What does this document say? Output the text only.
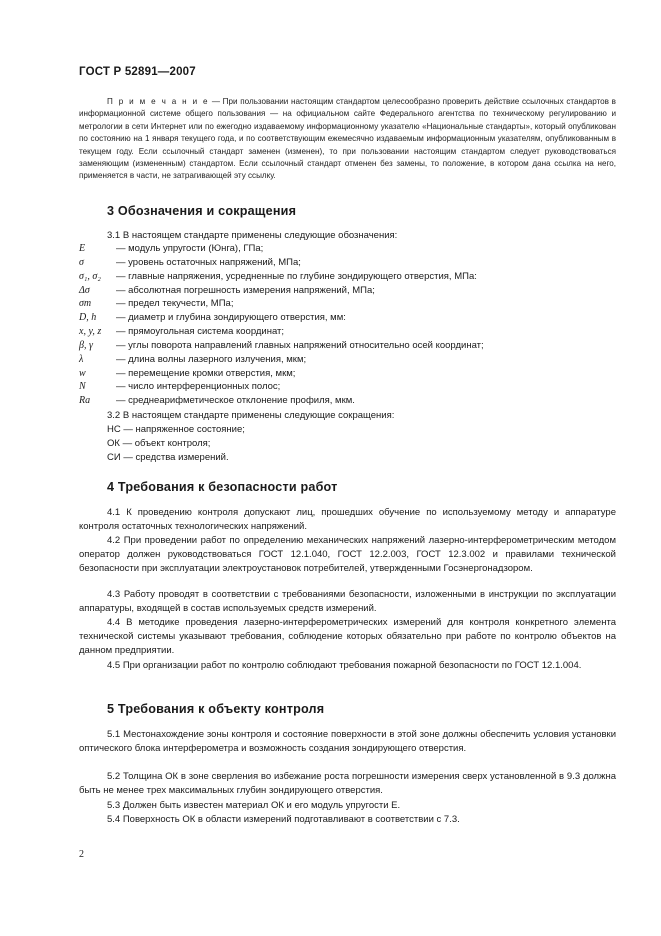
ГОСТ Р 52891—2007
П р и м е ч а н и е — При пользовании настоящим стандартом целесообразно проверить действие ссылочных стандартов в информационной системе общего пользования — на официальном сайте Федерального агентства по техническому регулированию и метрологии в сети Интернет или по ежегодно издаваемому информационному указателю «Национальные стандарты», который опубликован по состоянию на 1 января текущего года, и по соответствующим ежемесячно издаваемым информационным указателям, опубликованным в текущем году. Если ссылочный стандарт заменен (изменен), то при пользовании настоящим стандартом следует руководствоваться заменяющим (измененным) стандартом. Если ссылочный стандарт отменен без замены, то положение, в котором дана ссылка на него, применяется в части, не затрагивающей эту ссылку.
3 Обозначения и сокращения
3.1 В настоящем стандарте применены следующие обозначения:
E	— модуль упругости (Юнга), ГПа;
σ	— уровень остаточных напряжений, МПа;
σ₁, σ₂	— главные напряжения, усредненные по глубине зондирующего отверстия, МПа:
Δσ	— абсолютная погрешность измерения напряжений, МПа;
σт	— предел текучести, МПа;
D, h	— диаметр и глубина зондирующего отверстия, мм:
x, y, z	— прямоугольная система координат;
β, γ	— углы поворота направлений главных напряжений относительно осей координат;
λ	— длина волны лазерного излучения, мкм;
w	— перемещение кромки отверстия, мкм;
N	— число интерференционных полос;
Ra	— среднеарифметическое отклонение профиля, мкм.
3.2 В настоящем стандарте применены следующие сокращения:
НС — напряженное состояние;
ОК — объект контроля;
СИ — средства измерений.
4 Требования к безопасности работ
4.1 К проведению контроля допускают лиц, прошедших обучение по используемому методу и аппаратуре контроля остаточных технологических напряжений.
4.2 При проведении работ по определению механических напряжений лазерно-интерферометрическим методом оператор должен руководствоваться ГОСТ 12.1.040, ГОСТ 12.2.003, ГОСТ 12.3.002 и правилами технической безопасности при эксплуатации электроустановок потребителей, утвержденными Госэнергонадзором.
4.3 Работу проводят в соответствии с требованиями безопасности, изложенными в инструкции по эксплуатации аппаратуры, входящей в состав используемых средств измерений.
4.4 В методике проведения лазерно-интерферометрических измерений для контроля конкретного элемента технической системы указывают требования, соблюдение которых обязательно при работе по контролю объектов на данном предприятии.
4.5 При организации работ по контролю соблюдают требования пожарной безопасности по ГОСТ 12.1.004.
5 Требования к объекту контроля
5.1 Местонахождение зоны контроля и состояние поверхности в этой зоне должны обеспечить условия установки оптического блока интерферометра и возможность создания зондирующего отверстия.
5.2 Толщина ОК в зоне сверления во избежание роста погрешности измерения сверх установленной в 9.3 должна быть не менее трех максимальных глубин зондирующего отверстия.
5.3 Должен быть известен материал ОК и его модуль упругости E.
5.4 Поверхность ОК в области измерений подготавливают в соответствии с 7.3.
2
